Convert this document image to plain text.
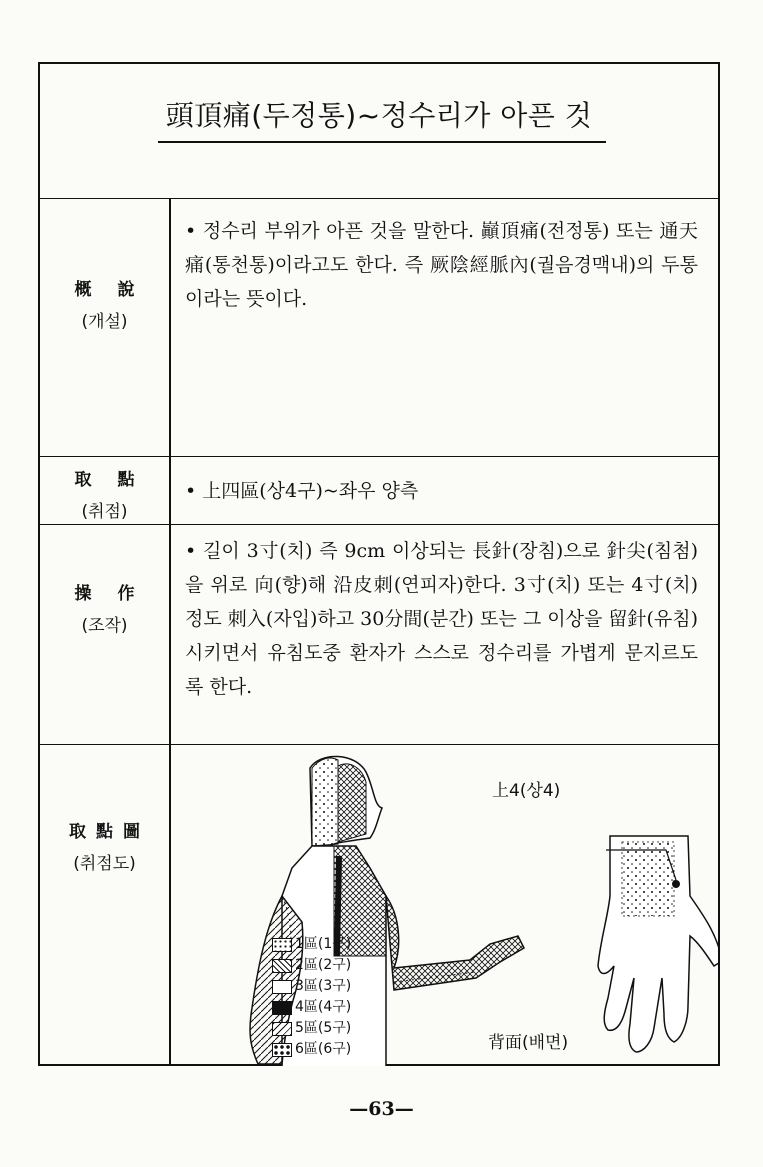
頭頂痛(두정통)~정수리가 아픈 것
概 說
(개설)
• 정수리 부위가 아픈 것을 말한다. 巓頂痛(전정통) 또는 通天痛(통천통)이라고도 한다. 즉 厥陰經脈內(궐음경맥내)의 두통이라는 뜻이다.
取 點
(취점)
• 上四區(상4구)~좌우 양측
操 作
(조작)
• 길이 3寸(치) 즉 9cm 이상되는 長針(장침)으로 針尖(침첨)을 위로 向(향)해 沿皮刺(연피자)한다. 3寸(치) 또는 4寸(치)정도 刺入(자입)하고 30分間(분간) 또는 그 이상을 留針(유침)시키면서 유침도중 환자가 스스로 정수리를 가볍게 문지르도록 한다.
取點圖
(취점도)
上4(상4)
背面(배면)
1區(1구)
2區(2구)
3區(3구)
4區(4구)
5區(5구)
6區(6구)
—63—
